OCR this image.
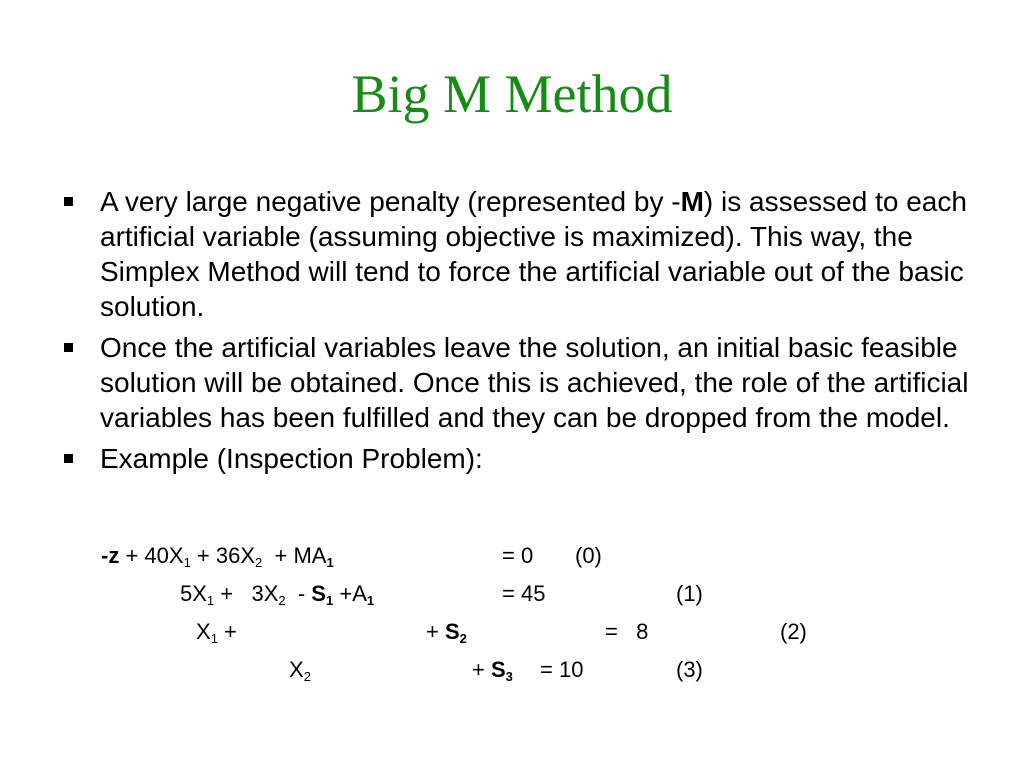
Big M Method
A very large negative penalty (represented by -M) is assessed to each artificial variable (assuming objective is maximized). This way, the Simplex Method will tend to force the artificial variable out of the basic solution.
Once the artificial variables leave the solution, an initial basic feasible solution will be obtained. Once this is achieved, the role of the artificial variables has been fulfilled and they can be dropped from the model.
Example (Inspection Problem):
$-z + 40X_1 + 36X_2 + MA_1$	= 0 (0)
$5X_1 + 3X_2 - S_1 +A_1$	= 45	(1)
$X_1$ +	+ $S_2$	=   8	(2)
$X_2$	+ $S_3 = 10$	(3)
